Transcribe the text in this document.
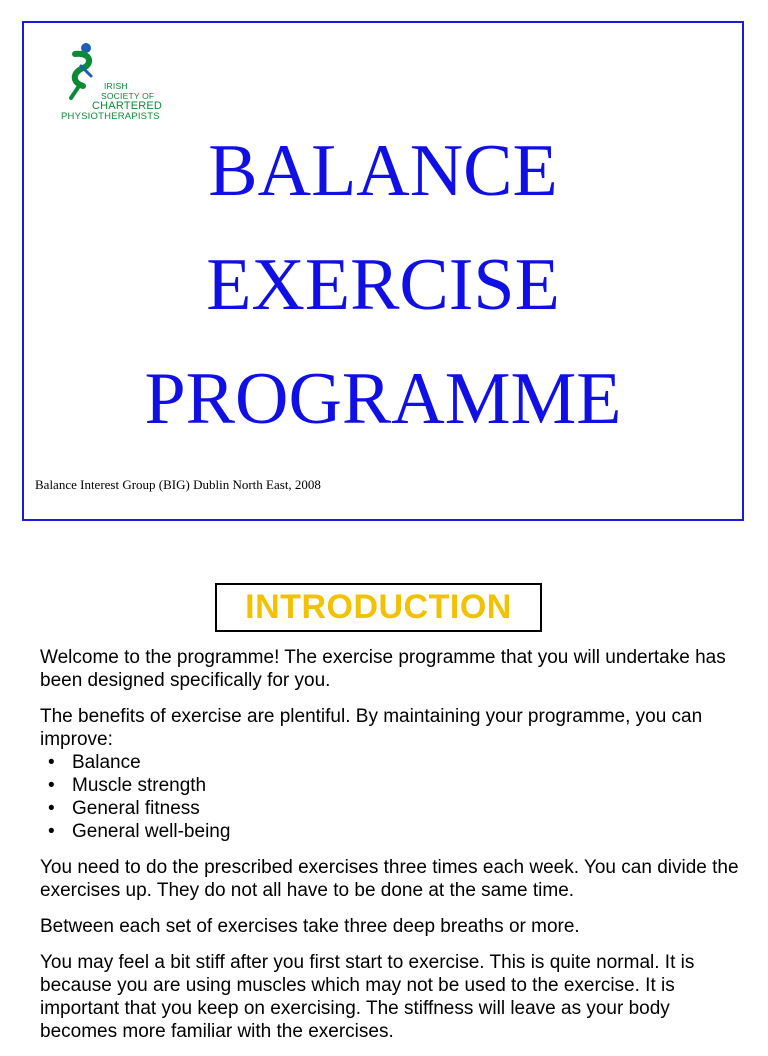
IRISH
SOCIETY OF
CHARTERED
PHYSIOTHERAPISTS
BALANCE
EXERCISE
PROGRAMME
Balance Interest Group (BIG) Dublin North East, 2008
INTRODUCTION

Welcome to the programme! The exercise programme that you will undertake has been designed specifically for you.

The benefits of exercise are plentiful. By maintaining your programme, you can improve:

• Balance
• Muscle strength
• General fitness
• General well-being

You need to do the prescribed exercises three times each week. You can divide the exercises up. They do not all have to be done at the same time.

Between each set of exercises take three deep breaths or more.

You may feel a bit stiff after you first start to exercise. This is quite normal. It is because you are using muscles which may not be used to the exercise. It is important that you keep on exercising. The stiffness will leave as your body becomes more familiar with the exercises.
